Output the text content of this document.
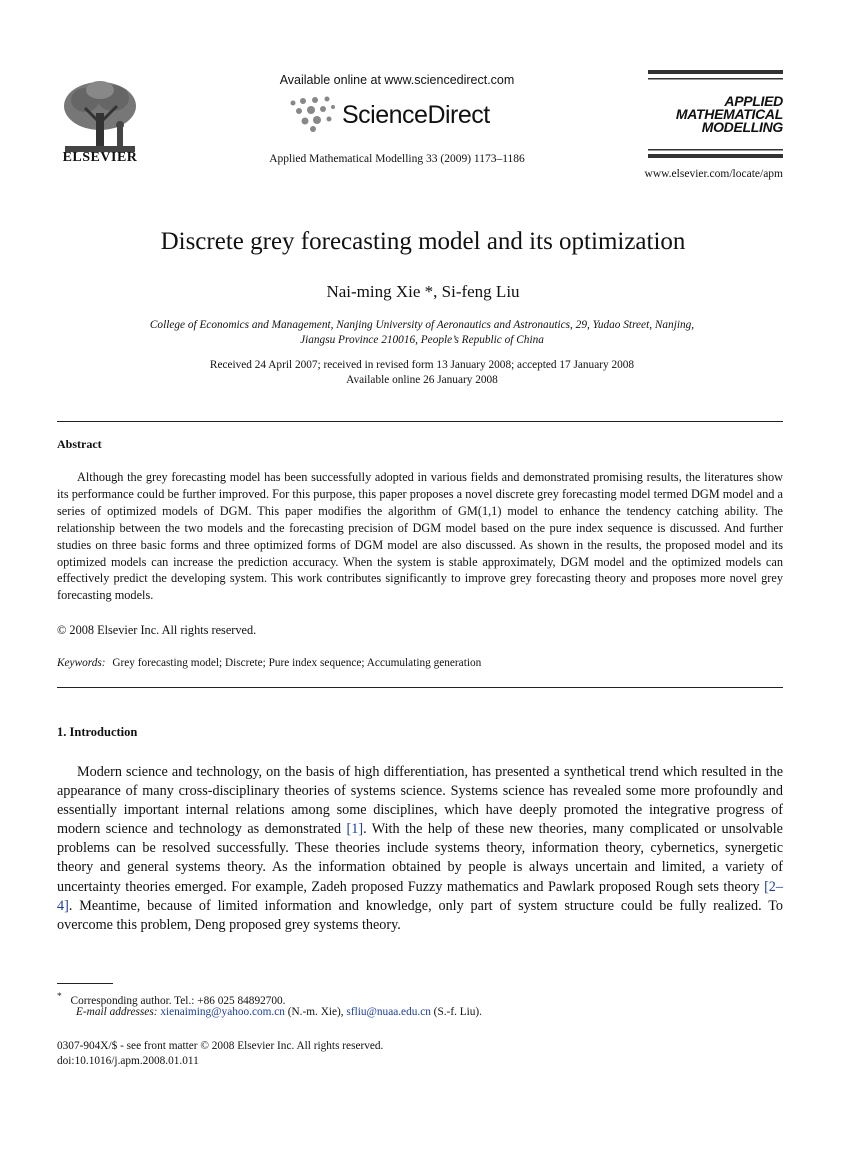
ELSEVIER
Available online at www.sciencedirect.com
ScienceDirect
Applied Mathematical Modelling 33 (2009) 1173–1186
APPLIED
MATHEMATICAL
MODELLING
www.elsevier.com/locate/apm
Discrete grey forecasting model and its optimization
Nai-ming Xie *, Si-feng Liu
College of Economics and Management, Nanjing University of Aeronautics and Astronautics, 29, Yudao Street, Nanjing,
Jiangsu Province 210016, People’s Republic of China
Received 24 April 2007; received in revised form 13 January 2008; accepted 17 January 2008
Available online 26 January 2008
Abstract

Although the grey forecasting model has been successfully adopted in various fields and demonstrated promising results, the literatures show its performance could be further improved. For this purpose, this paper proposes a novel discrete grey forecasting model termed DGM model and a series of optimized models of DGM. This paper modifies the algorithm of GM(1,1) model to enhance the tendency catching ability. The relationship between the two models and the forecasting precision of DGM model based on the pure index sequence is discussed. And further studies on three basic forms and three optimized forms of DGM model are also discussed. As shown in the results, the proposed model and its optimized models can increase the prediction accuracy. When the system is stable approximately, DGM model and the optimized models can effectively predict the developing system. This work contributes significantly to improve grey forecasting theory and proposes more novel grey forecasting models.

© 2008 Elsevier Inc. All rights reserved.
Keywords: Grey forecasting model; Discrete; Pure index sequence; Accumulating generation
1. Introduction

Modern science and technology, on the basis of high differentiation, has presented a synthetical trend which resulted in the appearance of many cross-disciplinary theories of systems science. Systems science has revealed some more profoundly and essentially important internal relations among some disciplines, which have deeply promoted the integrative progress of modern science and technology as demonstrated [1]. With the help of these new theories, many complicated or unsolvable problems can be resolved successfully. These theories include systems theory, information theory, cybernetics, synergetic theory and general systems theory. As the information obtained by people is always uncertain and limited, a variety of uncertainty theories emerged. For example, Zadeh proposed Fuzzy mathematics and Pawlark proposed Rough sets theory [2–4]. Meantime, because of limited information and knowledge, only part of system structure could be fully realized. To overcome this problem, Deng proposed grey systems theory.

* Corresponding author. Tel.: +86 025 84892700.
E-mail addresses: xienaiming@yahoo.com.cn (N.-m. Xie), sfliu@nuaa.edu.cn (S.-f. Liu).
0307-904X/$ - see front matter © 2008 Elsevier Inc. All rights reserved.
doi:10.1016/j.apm.2008.01.011
